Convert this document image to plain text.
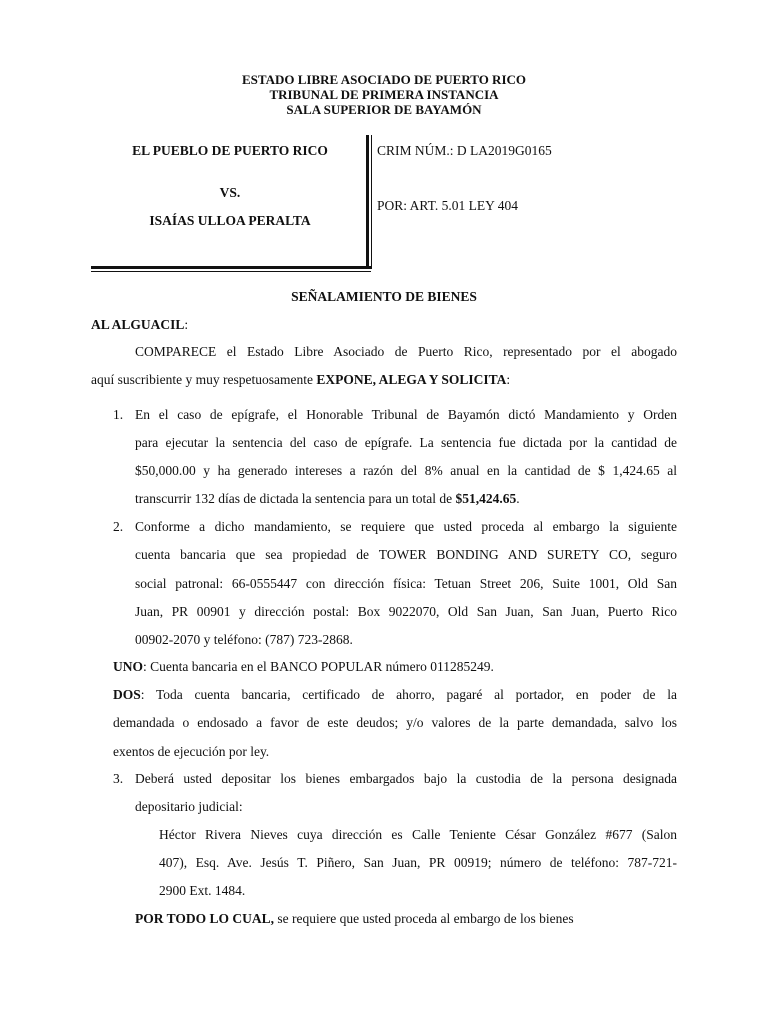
ESTADO LIBRE ASOCIADO DE PUERTO RICO
TRIBUNAL DE PRIMERA INSTANCIA
SALA SUPERIOR DE BAYAMÓN
EL PUEBLO DE PUERTO RICO
VS.
ISAÍAS ULLOA PERALTA
CRIM NÚM.: D LA2019G0165
POR: ART. 5.01 LEY 404
SEÑALAMIENTO DE BIENES
AL ALGUACIL:
COMPARECE el Estado Libre Asociado de Puerto Rico, representado por el abogado
aquí suscribiente y muy respetuosamente EXPONE, ALEGA Y SOLICITA:
1. En el caso de epígrafe, el Honorable Tribunal de Bayamón dictó Mandamiento y Orden
para ejecutar la sentencia del caso de epígrafe. La sentencia fue dictada por la cantidad de
$50,000.00 y ha generado intereses a razón del 8% anual en la cantidad de $ 1,424.65 al
transcurrir 132 días de dictada la sentencia para un total de $51,424.65.
2. Conforme a dicho mandamiento, se requiere que usted proceda al embargo la siguiente
cuenta bancaria que sea propiedad de TOWER BONDING AND SURETY CO, seguro
social patronal: 66-0555447 con dirección física: Tetuan Street 206, Suite 1001, Old San
Juan, PR 00901 y dirección postal: Box 9022070, Old San Juan, San Juan, Puerto Rico
00902-2070 y teléfono: (787) 723-2868.
UNO: Cuenta bancaria en el BANCO POPULAR número 011285249.
DOS: Toda cuenta bancaria, certificado de ahorro, pagaré al portador, en poder de la
demandada o endosado a favor de este deudos; y/o valores de la parte demandada, salvo los
exentos de ejecución por ley.
3. Deberá usted depositar los bienes embargados bajo la custodia de la persona designada
depositario judicial:
Héctor Rivera Nieves cuya dirección es Calle Teniente César González #677 (Salon
407), Esq. Ave. Jesús T. Piñero, San Juan, PR 00919; número de teléfono: 787-721-
2900 Ext. 1484.
POR TODO LO CUAL, se requiere que usted proceda al embargo de los bienes
